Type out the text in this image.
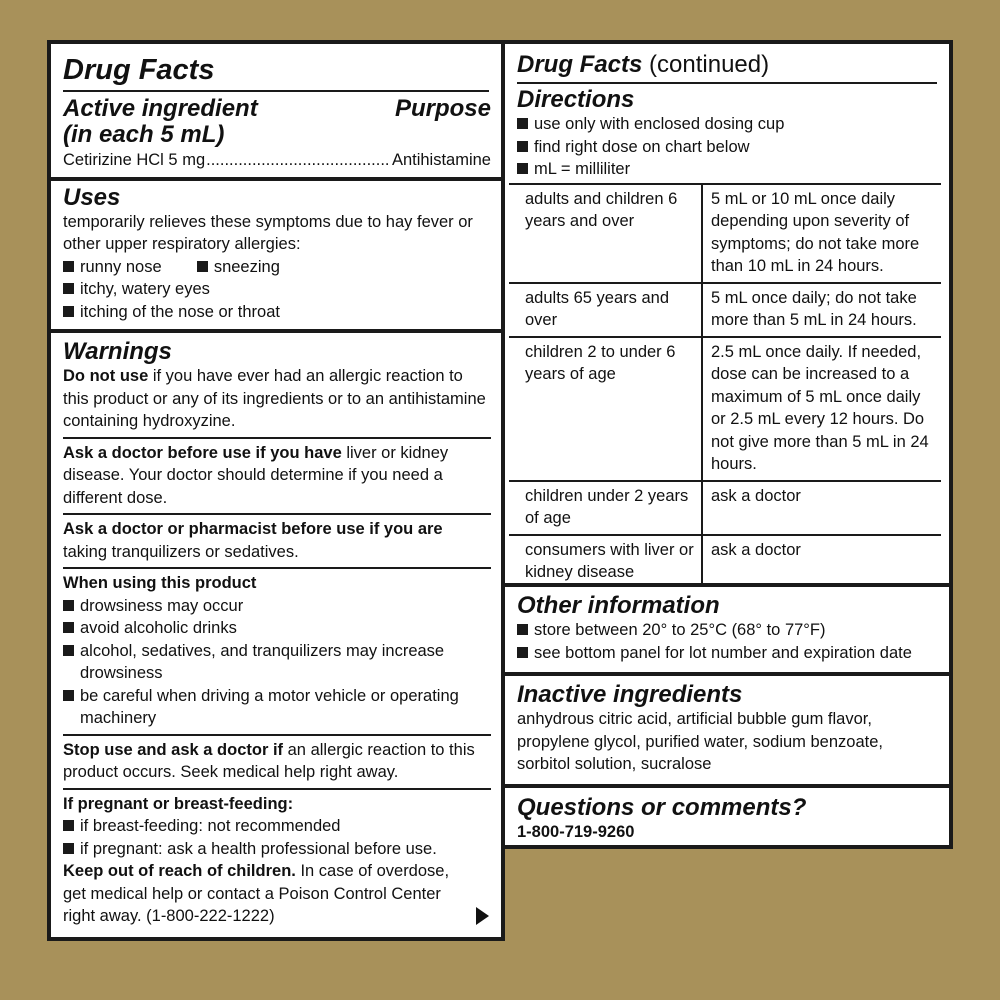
Drug Facts
Active ingredient	Purpose
(in each 5 mL)
Cetirizine HCl 5 mg .....	Antihistamine
Uses
temporarily relieves these symptoms due to hay fever or other upper respiratory allergies:
runny nose	sneezing
itchy, watery eyes
itching of the nose or throat
Warnings
Do not use if you have ever had an allergic reaction to this product or any of its ingredients or to an antihistamine containing hydroxyzine.
Ask a doctor before use if you have liver or kidney disease. Your doctor should determine if you need a different dose.
Ask a doctor or pharmacist before use if you are taking tranquilizers or sedatives.
When using this product
drowsiness may occur
avoid alcoholic drinks
alcohol, sedatives, and tranquilizers may increase drowsiness
be careful when driving a motor vehicle or operating machinery
Stop use and ask a doctor if an allergic reaction to this product occurs. Seek medical help right away.
If pregnant or breast-feeding:
if breast-feeding: not recommended
if pregnant: ask a health professional before use.
Keep out of reach of children. In case of overdose, get medical help or contact a Poison Control Center right away. (1-800-222-1222)
Drug Facts (continued)
Directions
use only with enclosed dosing cup
find right dose on chart below
mL = milliliter
adults and children 6 years and over	5 mL or 10 mL once daily depending upon severity of symptoms; do not take more than 10 mL in 24 hours.
adults 65 years and over	5 mL once daily; do not take more than 5 mL in 24 hours.
children 2 to under 6 years of age	2.5 mL once daily. If needed, dose can be increased to a maximum of 5 mL once daily or 2.5 mL every 12 hours. Do not give more than 5 mL in 24 hours.
children under 2 years of age	ask a doctor
consumers with liver or kidney disease	ask a doctor
Other information
store between 20° to 25°C (68° to 77°F)
see bottom panel for lot number and expiration date
Inactive ingredients
anhydrous citric acid, artificial bubble gum flavor, propylene glycol, purified water, sodium benzoate, sorbitol solution, sucralose
Questions or comments?
1-800-719-9260
